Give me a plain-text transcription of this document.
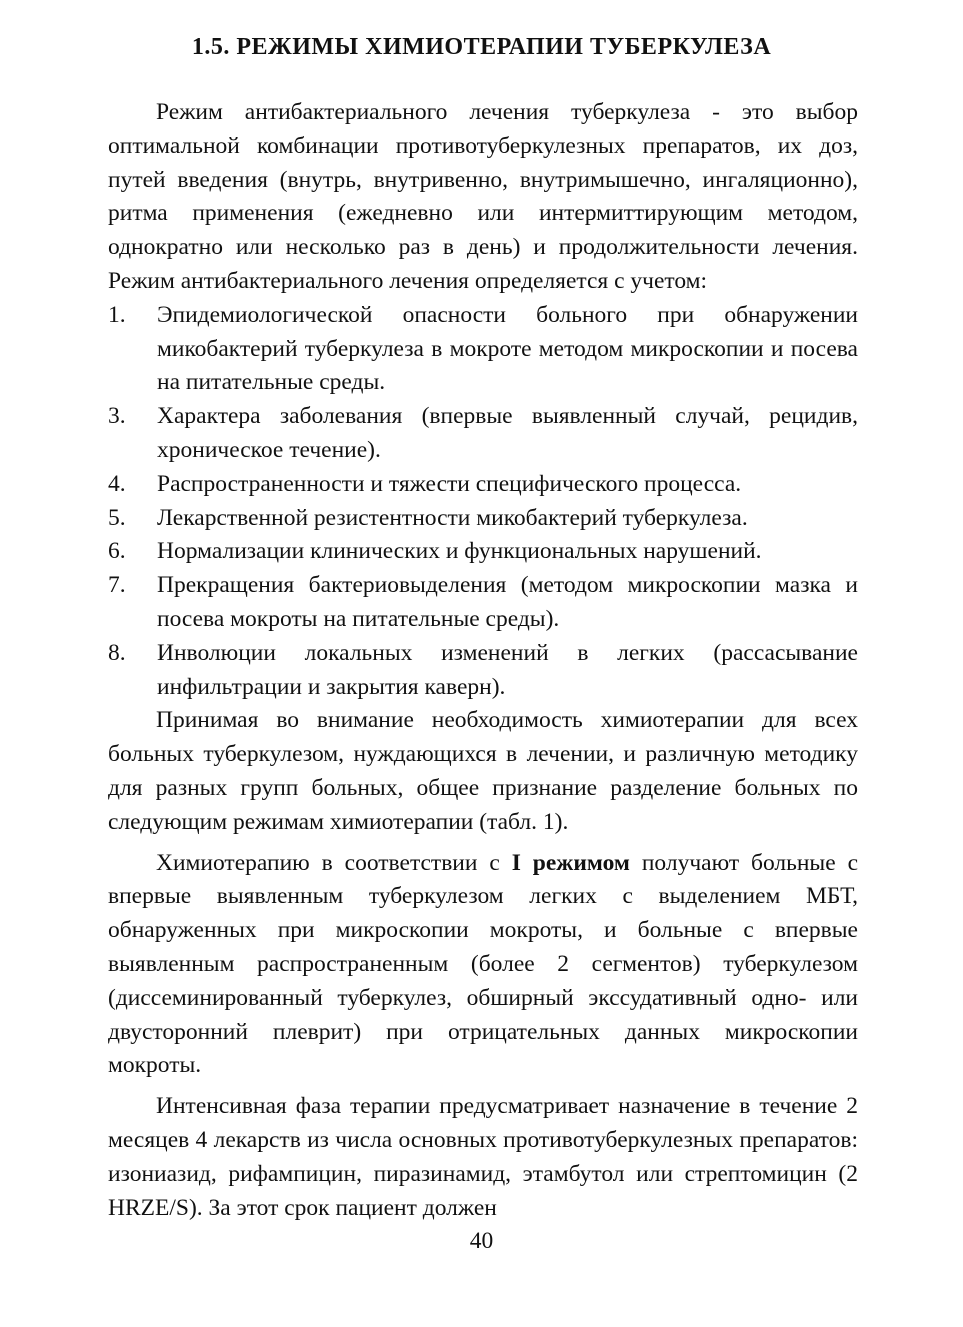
1.5. РЕЖИМЫ ХИМИОТЕРАПИИ ТУБЕРКУЛЕЗА

Режим антибактериального лечения туберкулеза - это выбор оптимальной комбинации противотуберкулезных препаратов, их доз, путей введения (внутрь, внутривенно, внутримышечно, ингаляционно), ритма применения (ежедневно или интермиттирующим методом, однократно или несколько раз в день) и продолжительности лечения. Режим антибактериального лечения определяется с учетом:

1.	Эпидемиологической опасности больного при обнаружении микобактерий туберкулеза в мокроте методом микроскопии и посева на питательные среды.
3.	Характера заболевания (впервые выявленный случай, рецидив, хроническое течение).
4.	Распространенности и тяжести специфического процесса.
5.	Лекарственной резистентности микобактерий туберкулеза.
6.	Нормализации клинических и функциональных нарушений.
7.	Прекращения бактериовыделения (методом микроскопии мазка и посева мокроты на питательные среды).
8.	Инволюции локальных изменений в легких (рассасывание инфильтрации и закрытия каверн).

Принимая во внимание необходимость химиотерапии для всех больных туберкулезом, нуждающихся в лечении, и различную методику для разных групп больных, общее признание разделение больных по следующим режимам химиотерапии (табл. 1).

Химиотерапию в соответствии с I режимом получают больные с впервые выявленным туберкулезом легких с выделением МБТ, обнаруженных при микроскопии мокроты, и больные с впервые выявленным распространенным (более 2 сегментов) туберкулезом (диссеминированный туберкулез, обширный экссудативный одно- или двусторонний плеврит) при отрицательных данных микроскопии мокроты.

Интенсивная фаза терапии предусматривает назначение в течение 2 месяцев 4 лекарств из числа основных противотуберкулезных препаратов: изониазид, рифампицин, пиразинамид, этамбутол или стрептомицин (2 HRZE/S). За этот срок пациент должен

40
